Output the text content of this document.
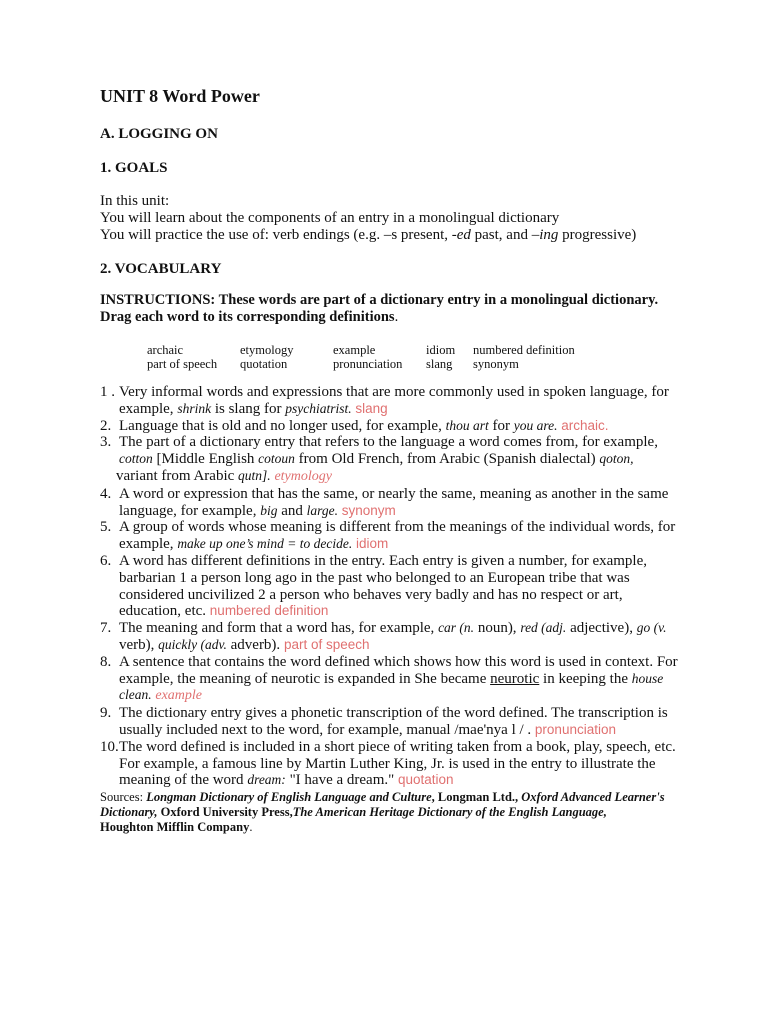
UNIT 8 Word Power
A. LOGGING ON
1. GOALS
In this unit:
You will learn about the components of an entry in a monolingual dictionary
You will practice the use of: verb endings (e.g. –s present, -ed past, and –ing progressive)
2. VOCABULARY
INSTRUCTIONS: These words are part of a dictionary entry in a monolingual dictionary.
Drag each word to its corresponding definitions.
archaic
part of speech
etymology
quotation
example
pronunciation
idiom
slang
numbered definition
synonym
1 . Very informal words and expressions that are more commonly used in spoken language, for
example, shrink is slang for psychiatrist. slang
2. Language that is old and no longer used, for example, thou art for you are. archaic.
3. The part of a dictionary entry that refers to the language a word comes from, for example,
cotton [Middle English cotoun from Old French, from Arabic (Spanish dialectal) qoton,
variant from Arabic qutn]. etymology
4. A word or expression that has the same, or nearly the same, meaning as another in the same
language, for example, big and large. synonym
5. A group of words whose meaning is different from the meanings of the individual words, for
example, make up one’s mind = to decide. idiom
6. A word has different definitions in the entry. Each entry is given a number, for example,
barbarian 1 a person long ago in the past who belonged to an European tribe that was
considered uncivilized 2 a person who behaves very badly and has no respect or art,
education, etc. numbered definition
7. The meaning and form that a word has, for example, car (n. noun), red (adj. adjective), go (v.
verb), quickly (adv. adverb). part of speech
8. A sentence that contains the word defined which shows how this word is used in context. For
example, the meaning of neurotic is expanded in She became neurotic in keeping the house
clean. example
9. The dictionary entry gives a phonetic transcription of the word defined. The transcription is
usually included next to the word, for example, manual /mae'nya l / . pronunciation
10. The word defined is included in a short piece of writing taken from a book, play, speech, etc.
For example, a famous line by Martin Luther King, Jr. is used in the entry to illustrate the
meaning of the word dream: "I have a dream." quotation
Sources: Longman Dictionary of English Language and Culture, Longman Ltd., Oxford Advanced Learner's Dictionary, Oxford University Press,The American Heritage Dictionary of the English Language,
Houghton Mifflin Company.
